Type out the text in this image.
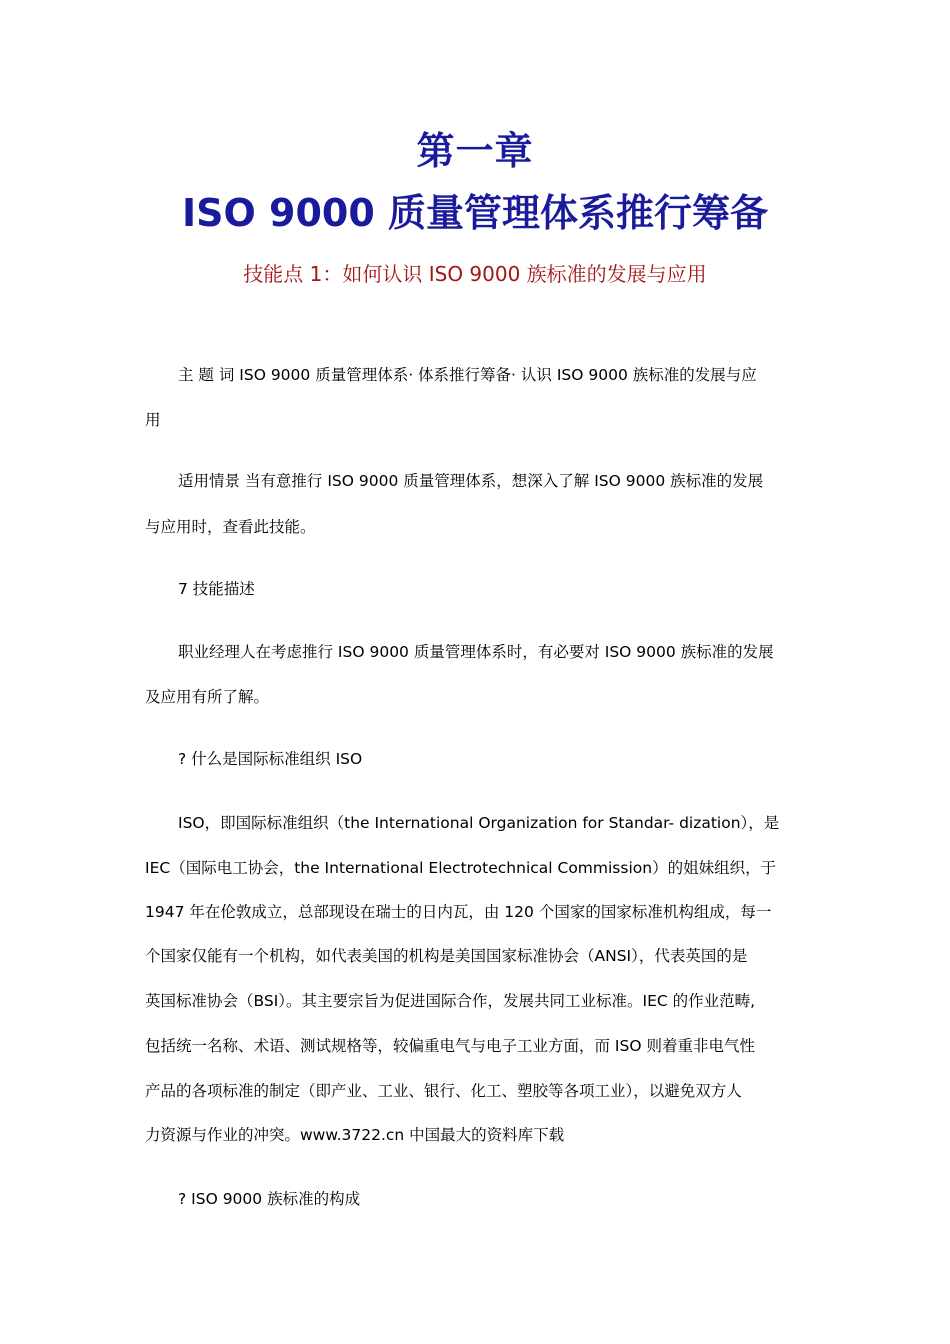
第一章
ISO 9000 质量管理体系推行筹备
技能点 1：如何认识 ISO 9000 族标准的发展与应用
主 题 词 ISO 9000 质量管理体系· 体系推行筹备· 认识 ISO 9000 族标准的发展与应
用
适用情景 当有意推行 ISO 9000 质量管理体系，想深入了解 ISO 9000 族标准的发展
与应用时，查看此技能。
7 技能描述
职业经理人在考虑推行 ISO 9000 质量管理体系时，有必要对 ISO 9000 族标准的发展
及应用有所了解。
? 什么是国际标准组织 ISO
ISO，即国际标准组织（the International Organization for Standar- dization），是
IEC（国际电工协会，the International Electrotechnical Commission）的姐妹组织，于
1947 年在伦敦成立，总部现设在瑞士的日内瓦，由 120 个国家的国家标准机构组成，每一
个国家仅能有一个机构，如代表美国的机构是美国国家标准协会（ANSI），代表英国的是
英国标准协会（BSI）。其主要宗旨为促进国际合作，发展共同工业标准。IEC 的作业范畴,
包括统一名称、术语、测试规格等，较偏重电气与电子工业方面，而 ISO 则着重非电气性
产品的各项标准的制定（即产业、工业、银行、化工、塑胶等各项工业），以避免双方人
力资源与作业的冲突。www.3722.cn 中国最大的资料库下载
? ISO 9000 族标准的构成
